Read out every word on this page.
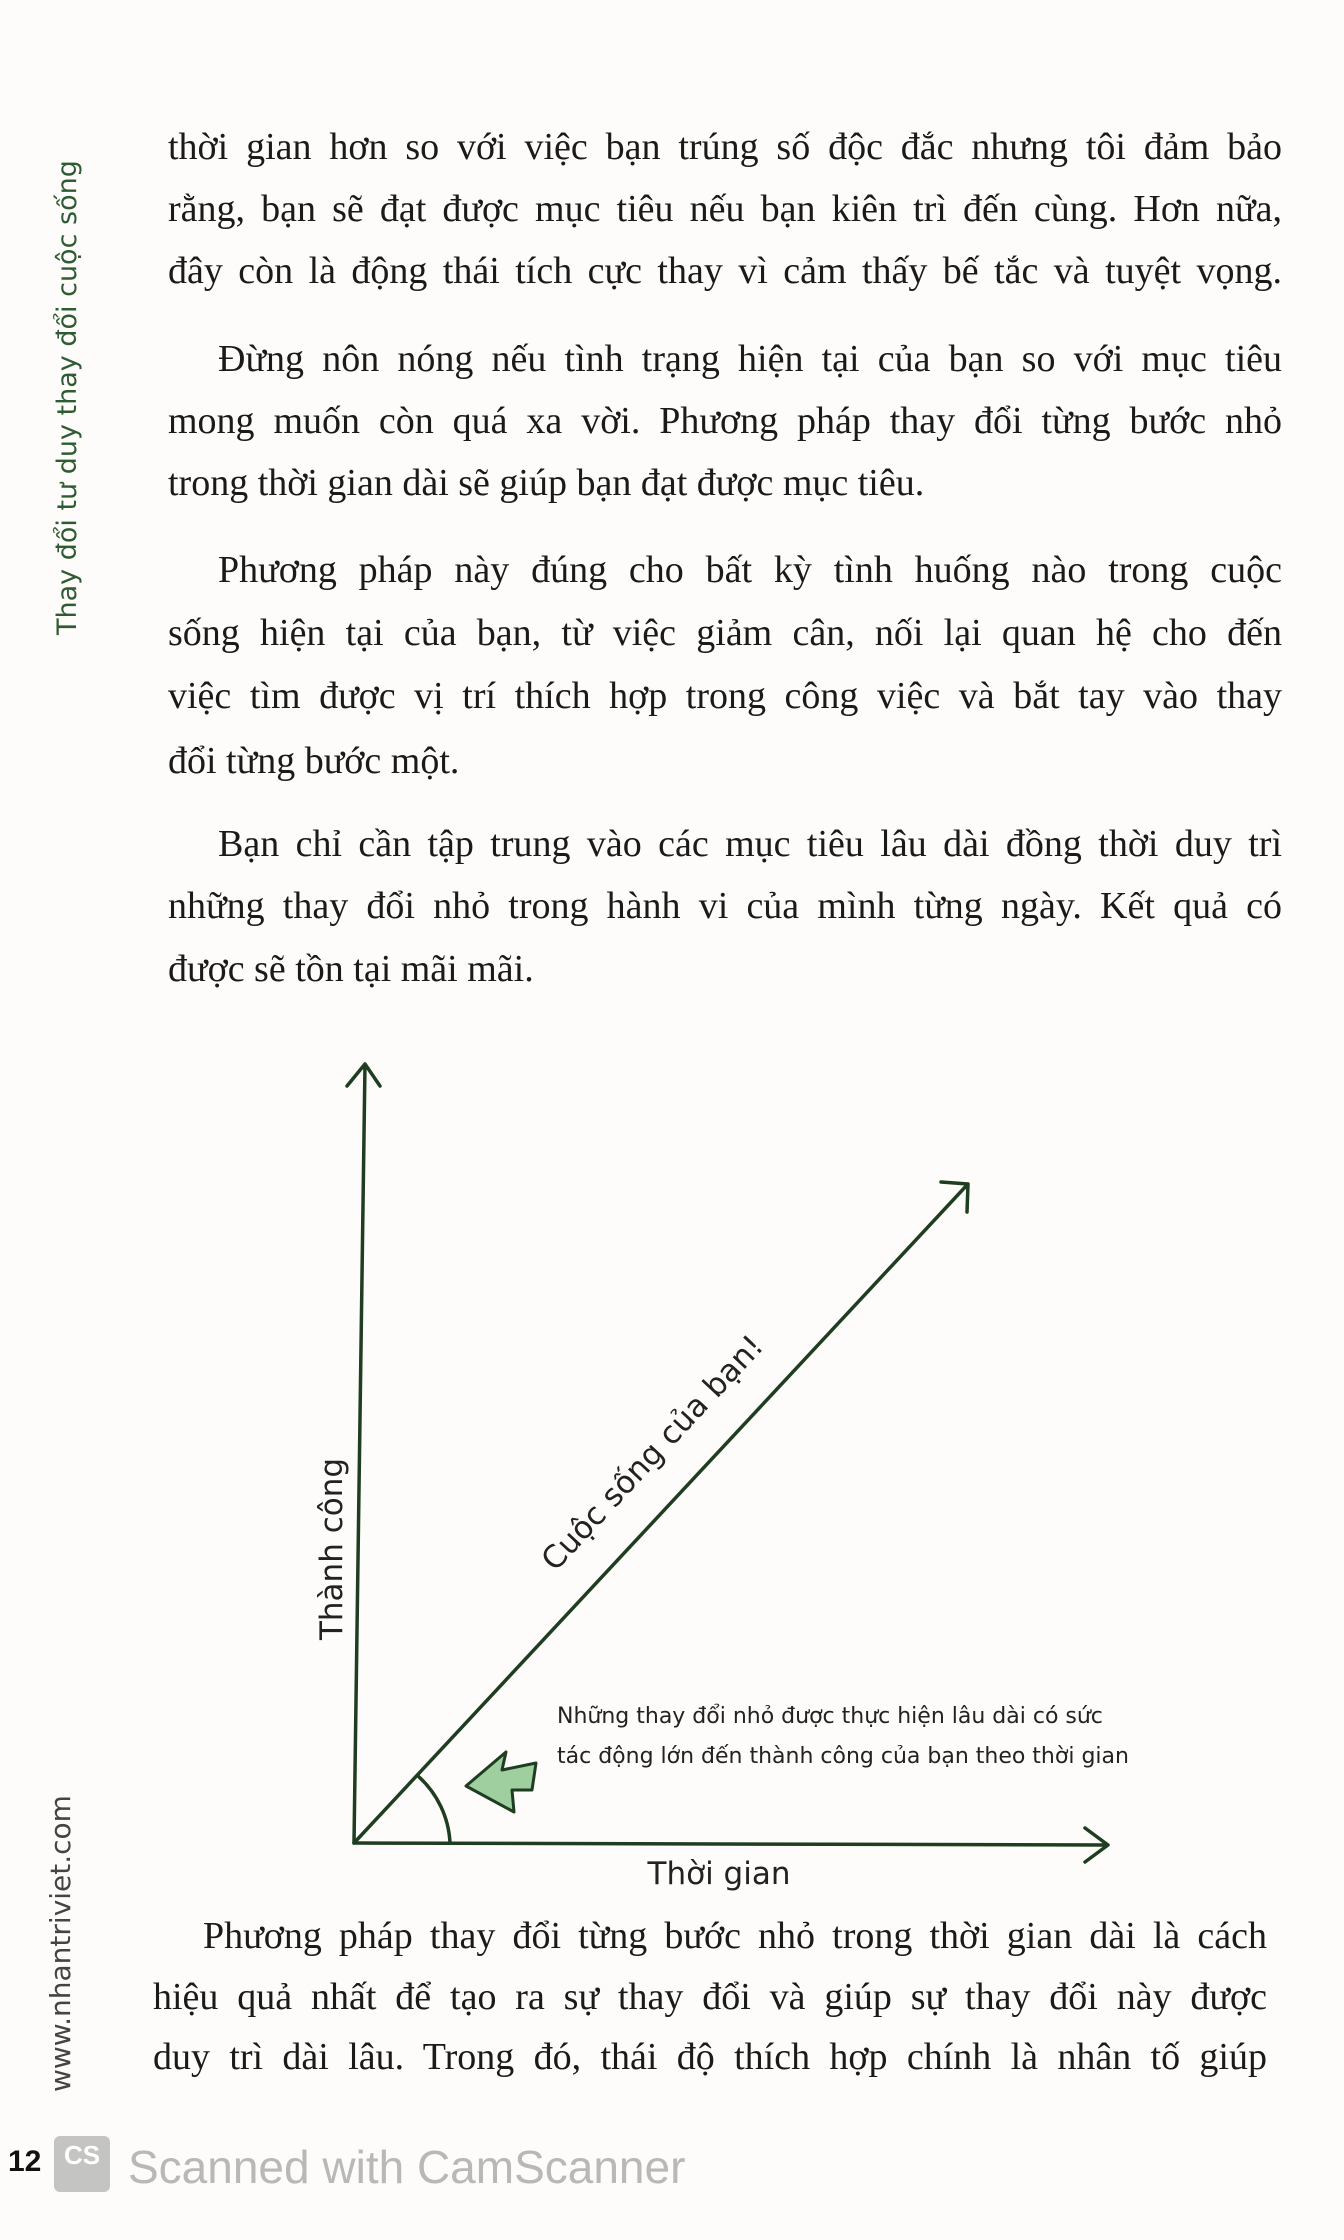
Thay đổi tư duy thay đổi cuộc sống
www.nhantriviet.com
thời gian hơn so với việc bạn trúng số độc đắc nhưng tôi đảm bảo
rằng, bạn sẽ đạt được mục tiêu nếu bạn kiên trì đến cùng. Hơn nữa,
đây còn là động thái tích cực thay vì cảm thấy bế tắc và tuyệt vọng.
Đừng nôn nóng nếu tình trạng hiện tại của bạn so với mục tiêu
mong muốn còn quá xa vời. Phương pháp thay đổi từng bước nhỏ
trong thời gian dài sẽ giúp bạn đạt được mục tiêu.
Phương pháp này đúng cho bất kỳ tình huống nào trong cuộc
sống hiện tại của bạn, từ việc giảm cân, nối lại quan hệ cho đến
việc tìm được vị trí thích hợp trong công việc và bắt tay vào thay
đổi từng bước một.
Bạn chỉ cần tập trung vào các mục tiêu lâu dài đồng thời duy trì
những thay đổi nhỏ trong hành vi của mình từng ngày. Kết quả có
được sẽ tồn tại mãi mãi.
Thành công
Thời gian
Cuộc sống của bạn!
Những thay đổi nhỏ được thực hiện lâu dài có sức
tác động lớn đến thành công của bạn theo thời gian
Phương pháp thay đổi từng bước nhỏ trong thời gian dài là cách
hiệu quả nhất để tạo ra sự thay đổi và giúp sự thay đổi này được
duy trì dài lâu. Trong đó, thái độ thích hợp chính là nhân tố giúp
12 CS Scanned with CamScanner
